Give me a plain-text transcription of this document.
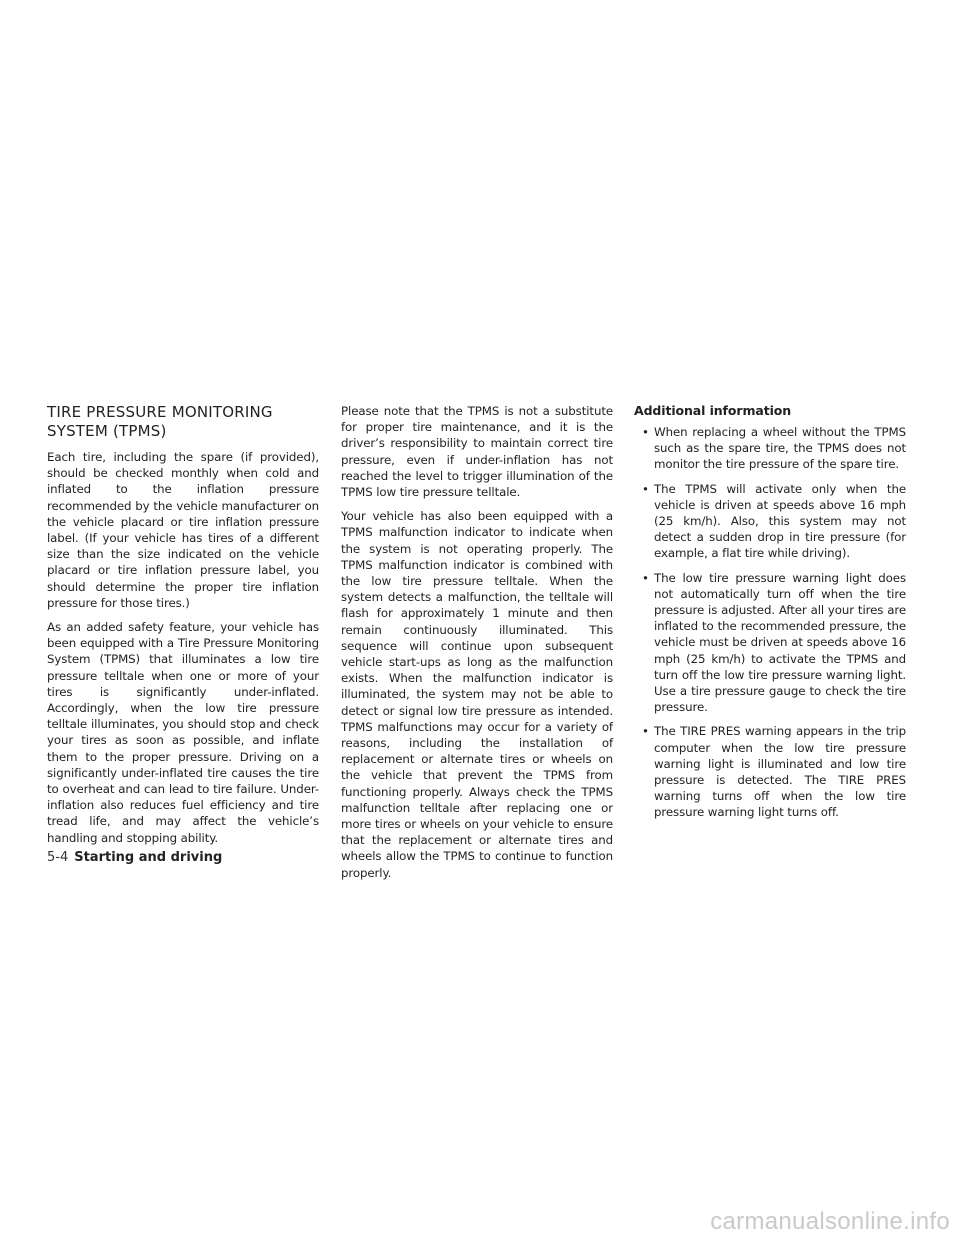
TIRE PRESSURE MONITORING
SYSTEM (TPMS)

Each tire, including the spare (if provided), should be checked monthly when cold and inflated to the inflation pressure recommended by the vehicle manufacturer on the vehicle placard or tire inflation pressure label. (If your vehicle has tires of a different size than the size indicated on the vehicle placard or tire inflation pressure label, you should determine the proper tire inflation pressure for those tires.)

As an added safety feature, your vehicle has been equipped with a Tire Pressure Monitoring System (TPMS) that illuminates a low tire pressure telltale when one or more of your tires is significantly under-inflated. Accordingly, when the low tire pressure telltale illuminates, you should stop and check your tires as soon as possible, and inflate them to the proper pressure. Driving on a significantly under-inflated tire causes the tire to overheat and can lead to tire failure. Under-inflation also reduces fuel efficiency and tire tread life, and may affect the vehicle’s handling and stopping ability.

Please note that the TPMS is not a substitute for proper tire maintenance, and it is the driver’s responsibility to maintain correct tire pressure, even if under-inflation has not reached the level to trigger illumination of the TPMS low tire pressure telltale.

Your vehicle has also been equipped with a TPMS malfunction indicator to indicate when the system is not operating properly. The TPMS malfunction indicator is combined with the low tire pressure telltale. When the system detects a malfunction, the telltale will flash for approximately 1 minute and then remain continuously illuminated. This sequence will continue upon subsequent vehicle start-ups as long as the malfunction exists. When the malfunction indicator is illuminated, the system may not be able to detect or signal low tire pressure as intended. TPMS malfunctions may occur for a variety of reasons, including the installation of replacement or alternate tires or wheels on the vehicle that prevent the TPMS from functioning properly. Always check the TPMS malfunction telltale after replacing one or more tires or wheels on your vehicle to ensure that the replacement or alternate tires and wheels allow the TPMS to continue to function properly.

Additional information
• When replacing a wheel without the TPMS such as the spare tire, the TPMS does not monitor the tire pressure of the spare tire.
• The TPMS will activate only when the vehicle is driven at speeds above 16 mph (25 km/h). Also, this system may not detect a sudden drop in tire pressure (for example, a flat tire while driving).
• The low tire pressure warning light does not automatically turn off when the tire pressure is adjusted. After all your tires are inflated to the recommended pressure, the vehicle must be driven at speeds above 16 mph (25 km/h) to activate the TPMS and turn off the low tire pressure warning light. Use a tire pressure gauge to check the tire pressure.
• The TIRE PRES warning appears in the trip computer when the low tire pressure warning light is illuminated and low tire pressure is detected. The TIRE PRES warning turns off when the low tire pressure warning light turns off.
5-4 Starting and driving
carmanualsonline.info
